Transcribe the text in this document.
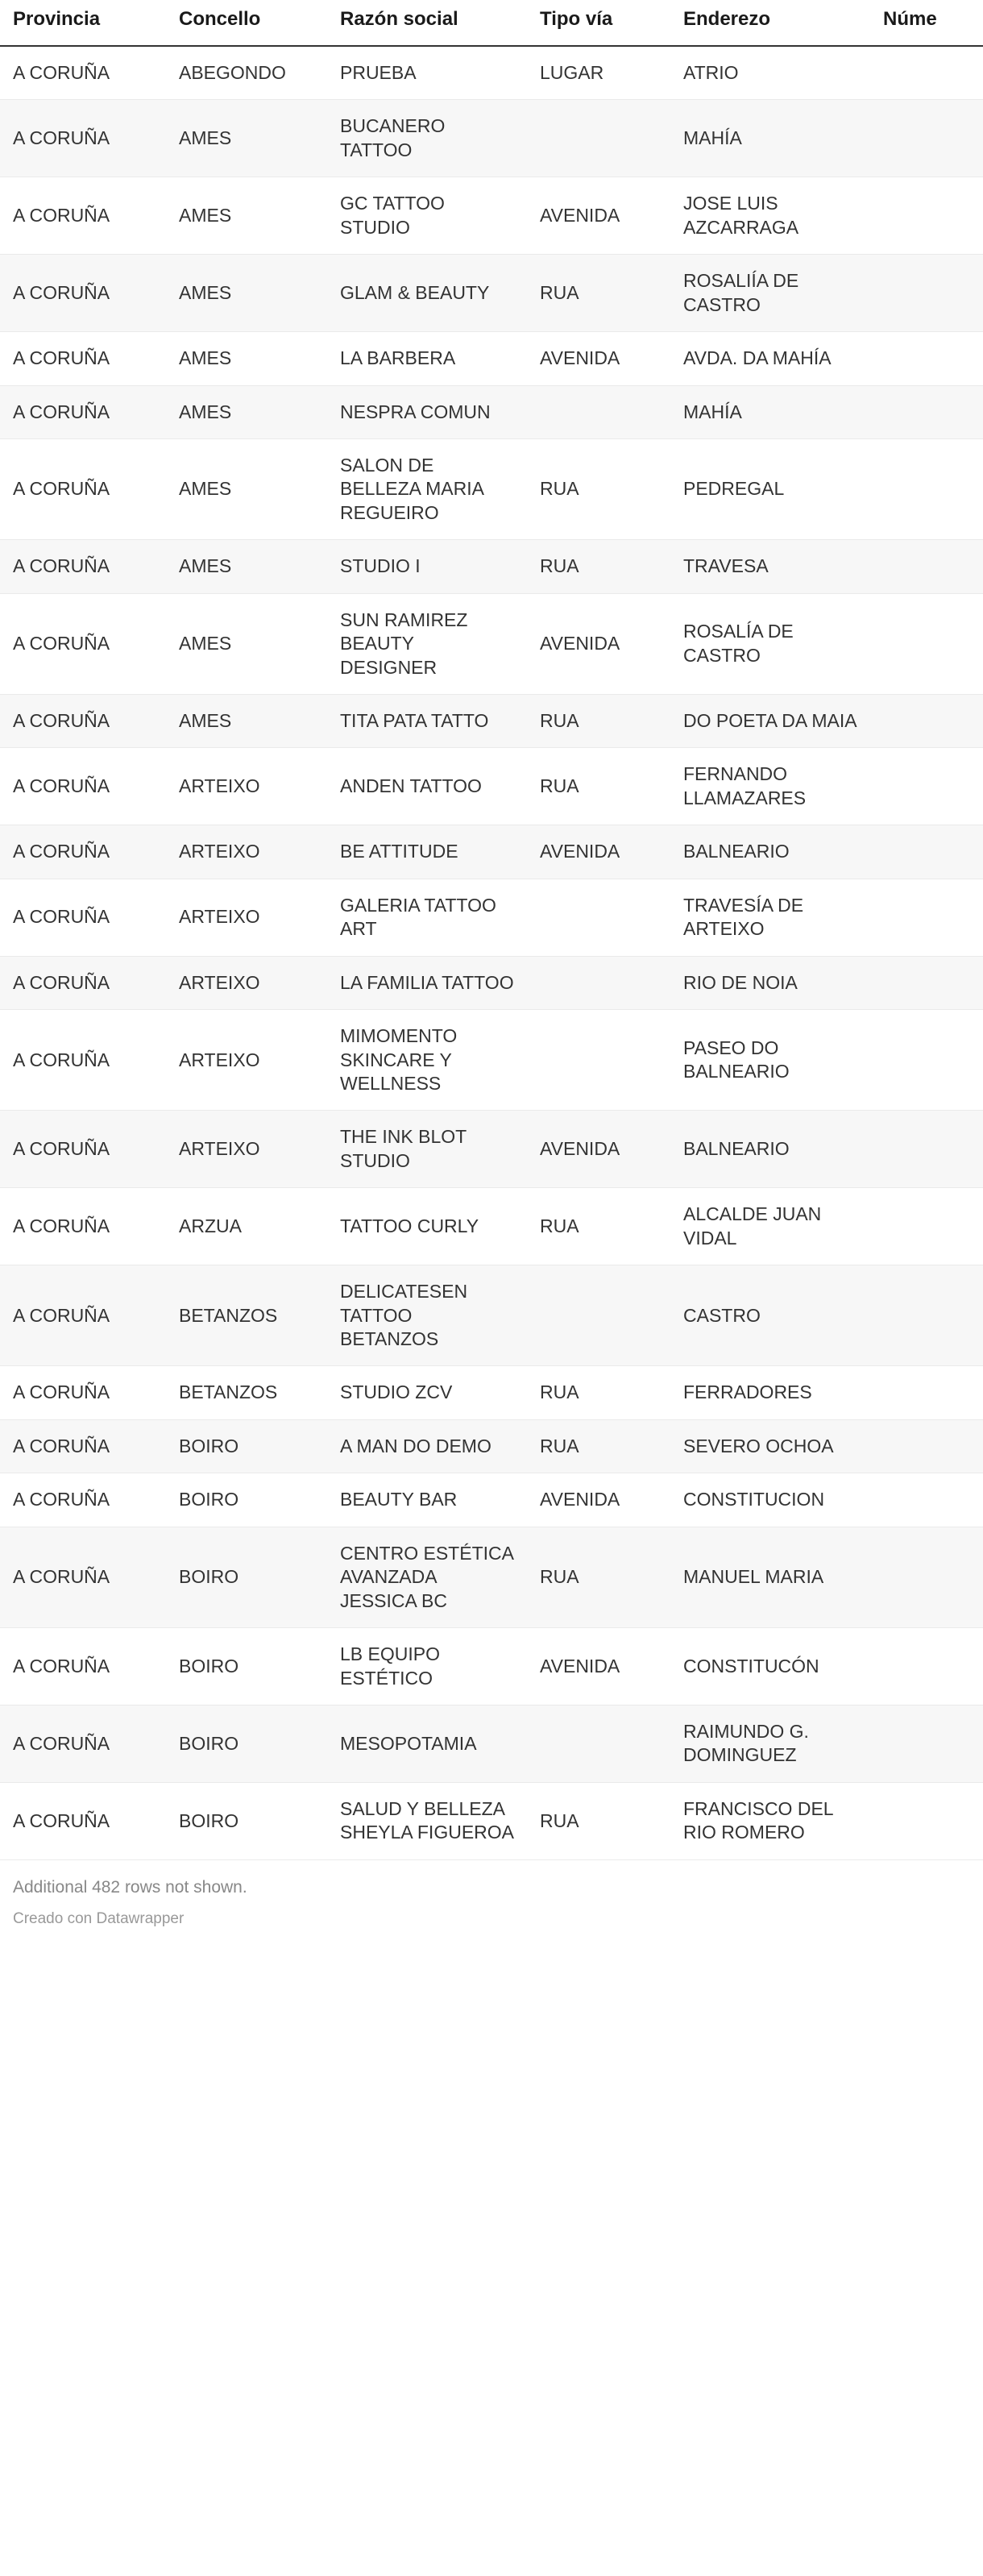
Provincia	Concello	Razón social	Tipo vía	Enderezo	Núme
A CORUÑA	ABEGONDO	PRUEBA	LUGAR	ATRIO	
A CORUÑA	AMES	BUCANERO TATTOO		MAHÍA	
A CORUÑA	AMES	GC TATTOO STUDIO	AVENIDA	JOSE LUIS AZCARRAGA	
A CORUÑA	AMES	GLAM & BEAUTY	RUA	ROSALIÍA DE CASTRO	
A CORUÑA	AMES	LA BARBERA	AVENIDA	AVDA. DA MAHÍA	
A CORUÑA	AMES	NESPRA COMUN		MAHÍA	
A CORUÑA	AMES	SALON DE BELLEZA MARIA REGUEIRO	RUA	PEDREGAL	
A CORUÑA	AMES	STUDIO I	RUA	TRAVESA	
A CORUÑA	AMES	SUN RAMIREZ BEAUTY DESIGNER	AVENIDA	ROSALÍA DE CASTRO	
A CORUÑA	AMES	TITA PATA TATTO	RUA	DO POETA DA MAIA	
A CORUÑA	ARTEIXO	ANDEN TATTOO	RUA	FERNANDO LLAMAZARES	
A CORUÑA	ARTEIXO	BE ATTITUDE	AVENIDA	BALNEARIO	
A CORUÑA	ARTEIXO	GALERIA TATTOO ART		TRAVESÍA DE ARTEIXO	
A CORUÑA	ARTEIXO	LA FAMILIA TATTOO		RIO DE NOIA	
A CORUÑA	ARTEIXO	MIMOMENTO SKINCARE Y WELLNESS		PASEO DO BALNEARIO	
A CORUÑA	ARTEIXO	THE INK BLOT STUDIO	AVENIDA	BALNEARIO	
A CORUÑA	ARZUA	TATTOO CURLY	RUA	ALCALDE JUAN VIDAL	
A CORUÑA	BETANZOS	DELICATESEN TATTOO BETANZOS		CASTRO	
A CORUÑA	BETANZOS	STUDIO ZCV	RUA	FERRADORES	
A CORUÑA	BOIRO	A MAN DO DEMO	RUA	SEVERO OCHOA	
A CORUÑA	BOIRO	BEAUTY BAR	AVENIDA	CONSTITUCION	
A CORUÑA	BOIRO	CENTRO ESTÉTICA AVANZADA JESSICA BC	RUA	MANUEL MARIA	
A CORUÑA	BOIRO	LB EQUIPO ESTÉTICO	AVENIDA	CONSTITUCÓN	
A CORUÑA	BOIRO	MESOPOTAMIA		RAIMUNDO G. DOMINGUEZ	
A CORUÑA	BOIRO	SALUD Y BELLEZA SHEYLA FIGUEROA	RUA	FRANCISCO DEL RIO ROMERO	
Additional 482 rows not shown.
Creado con Datawrapper
